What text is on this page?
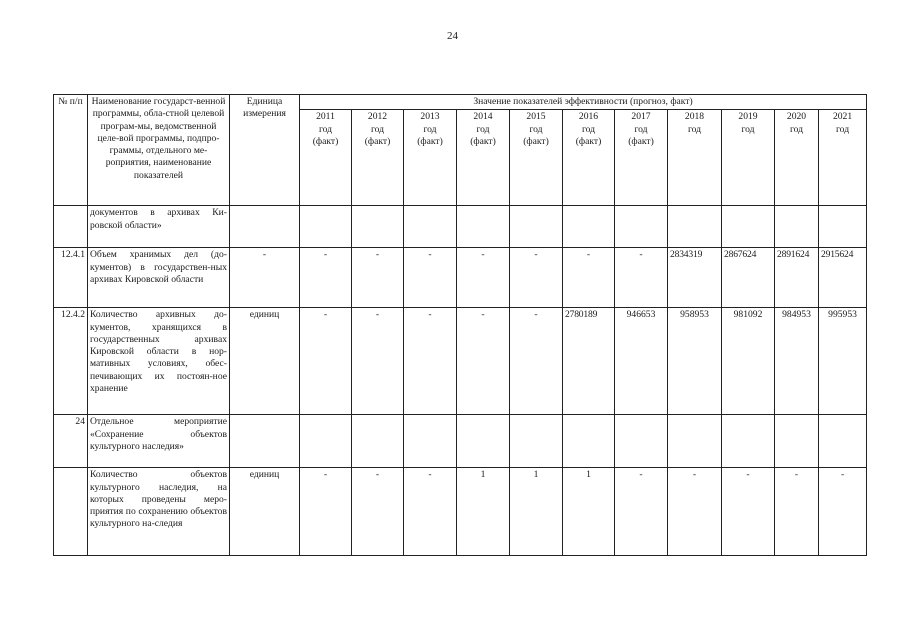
24
№ п/п	Наименование государст-венной программы, обла-стной целевой програм-мы, ведомственной целе-вой программы, подпро-граммы, отдельного ме-роприятия, наименование показателей	Единица измерения	Значение показателей эффективности (прогноз, факт)										

			2011
год
(факт)	2012
год
(факт)	2013
год
(факт)	2014
год
(факт)	2015
год
(факт)	2016
год
(факт)	2017
год
(факт)	2018
год	2019
год	2020
год	2021
год

	документов в архивах Ки-ровской области»												
12.4.1	Объем хранимых дел (до-кументов) в государствен-ных архивах Кировской области	-	-	-	-	-	-	-	-	2834319	2867624	2891624	2915624
12.4.2	Количество архивных до-кументов, хранящихся в государственных архивах Кировской области в нор-мативных условиях, обес-печивающих их постоян-ное хранение	единиц	-	-	-	-	-	2780189	946653	958953	981092	984953	995953
24	Отдельное мероприятие «Сохранение объектов культурного наследия»												
	Количество объектов культурного наследия, на которых проведены меро-приятия по сохранению объектов культурного на-следия	единиц	-	-	-	1	1	1	-	-	-	-	-
